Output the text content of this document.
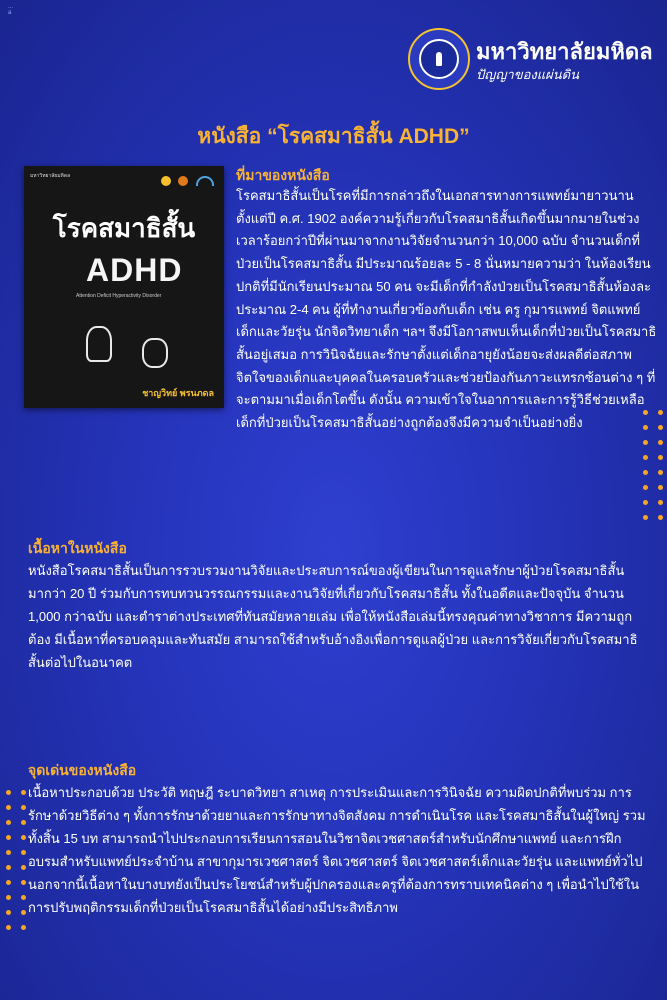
...
a
มหาวิทยาลัยมหิดล
ปัญญาของแผ่นดิน
หนังสือ “โรคสมาธิสั้น ADHD”
มหาวิทยาลัยมหิดล
โรคสมาธิสั้น
ADHD
Attention Deficit Hyperactivity Disorder
ชาญวิทย์ พรนภดล
ที่มาของหนังสือ
โรคสมาธิสั้นเป็นโรคที่มีการกล่าวถึงในเอกสารทางการแพทย์มายาวนาน ตั้งแต่ปี ค.ศ. 1902 องค์ความรู้เกี่ยวกับโรคสมาธิสั้นเกิดขึ้นมากมายในช่วงเวลาร้อยกว่าปีที่ผ่านมาจากงานวิจัยจำนวนกว่า 10,000 ฉบับ จำนวนเด็กที่ป่วยเป็นโรคสมาธิสั้น มีประมาณร้อยละ 5 - 8 นั่นหมายความว่า ในห้องเรียนปกติที่มีนักเรียนประมาณ 50 คน จะมีเด็กที่กำลังป่วยเป็นโรคสมาธิสั้นห้องละประมาณ 2-4 คน ผู้ที่ทำงานเกี่ยวข้องกับเด็ก เช่น ครู กุมารแพทย์ จิตแพทย์เด็กและวัยรุ่น นักจิตวิทยาเด็ก ฯลฯ จึงมีโอกาสพบเห็นเด็กที่ป่วยเป็นโรคสมาธิสั้นอยู่เสมอ การวินิจฉัยและรักษาตั้งแต่เด็กอายุยังน้อยจะส่งผลดีต่อสภาพจิตใจของเด็กและบุคคลในครอบครัวและช่วยป้องกันภาวะแทรกซ้อนต่าง ๆ ที่จะตามมาเมื่อเด็กโตขึ้น ดังนั้น ความเข้าใจในอาการและการรู้วิธีช่วยเหลือเด็กที่ป่วยเป็นโรคสมาธิสั้นอย่างถูกต้องจึงมีความจำเป็นอย่างยิ่ง
เนื้อหาในหนังสือ
หนังสือโรคสมาธิสั้นเป็นการรวบรวมงานวิจัยและประสบการณ์ของผู้เขียนในการดูแลรักษาผู้ป่วยโรคสมาธิสั้นมากว่า 20 ปี ร่วมกับการทบทวนวรรณกรรมและงานวิจัยที่เกี่ยวกับโรคสมาธิสั้น ทั้งในอดีตและปัจจุบัน จำนวน 1,000 กว่าฉบับ และตำราต่างประเทศที่ทันสมัยหลายเล่ม เพื่อให้หนังสือเล่มนี้ทรงคุณค่าทางวิชาการ มีความถูกต้อง มีเนื้อหาที่ครอบคลุมและทันสมัย สามารถใช้สำหรับอ้างอิงเพื่อการดูแลผู้ป่วย และการวิจัยเกี่ยวกับโรคสมาธิสั้นต่อไปในอนาคต
จุดเด่นของหนังสือ
เนื้อหาประกอบด้วย ประวัติ ทฤษฎี ระบาดวิทยา สาเหตุ การประเมินและการวินิจฉัย ความผิดปกติที่พบร่วม การรักษาด้วยวิธีต่าง ๆ ทั้งการรักษาด้วยยาและการรักษาทางจิตสังคม การดำเนินโรค และโรคสมาธิสั้นในผู้ใหญ่ รวมทั้งสิ้น 15 บท สามารถนำไปประกอบการเรียนการสอนในวิชาจิตเวชศาสตร์สำหรับนักศึกษาแพทย์ และการฝึกอบรมสำหรับแพทย์ประจำบ้าน สาขากุมารเวชศาสตร์ จิตเวชศาสตร์ จิตเวชศาสตร์เด็กและวัยรุ่น และแพทย์ทั่วไป นอกจากนี้เนื้อหาในบางบทยังเป็นประโยชน์สำหรับผู้ปกครองและครูที่ต้องการทราบเทคนิคต่าง ๆ เพื่อนำไปใช้ในการปรับพฤติกรรมเด็กที่ป่วยเป็นโรคสมาธิสั้นได้อย่างมีประสิทธิภาพ
